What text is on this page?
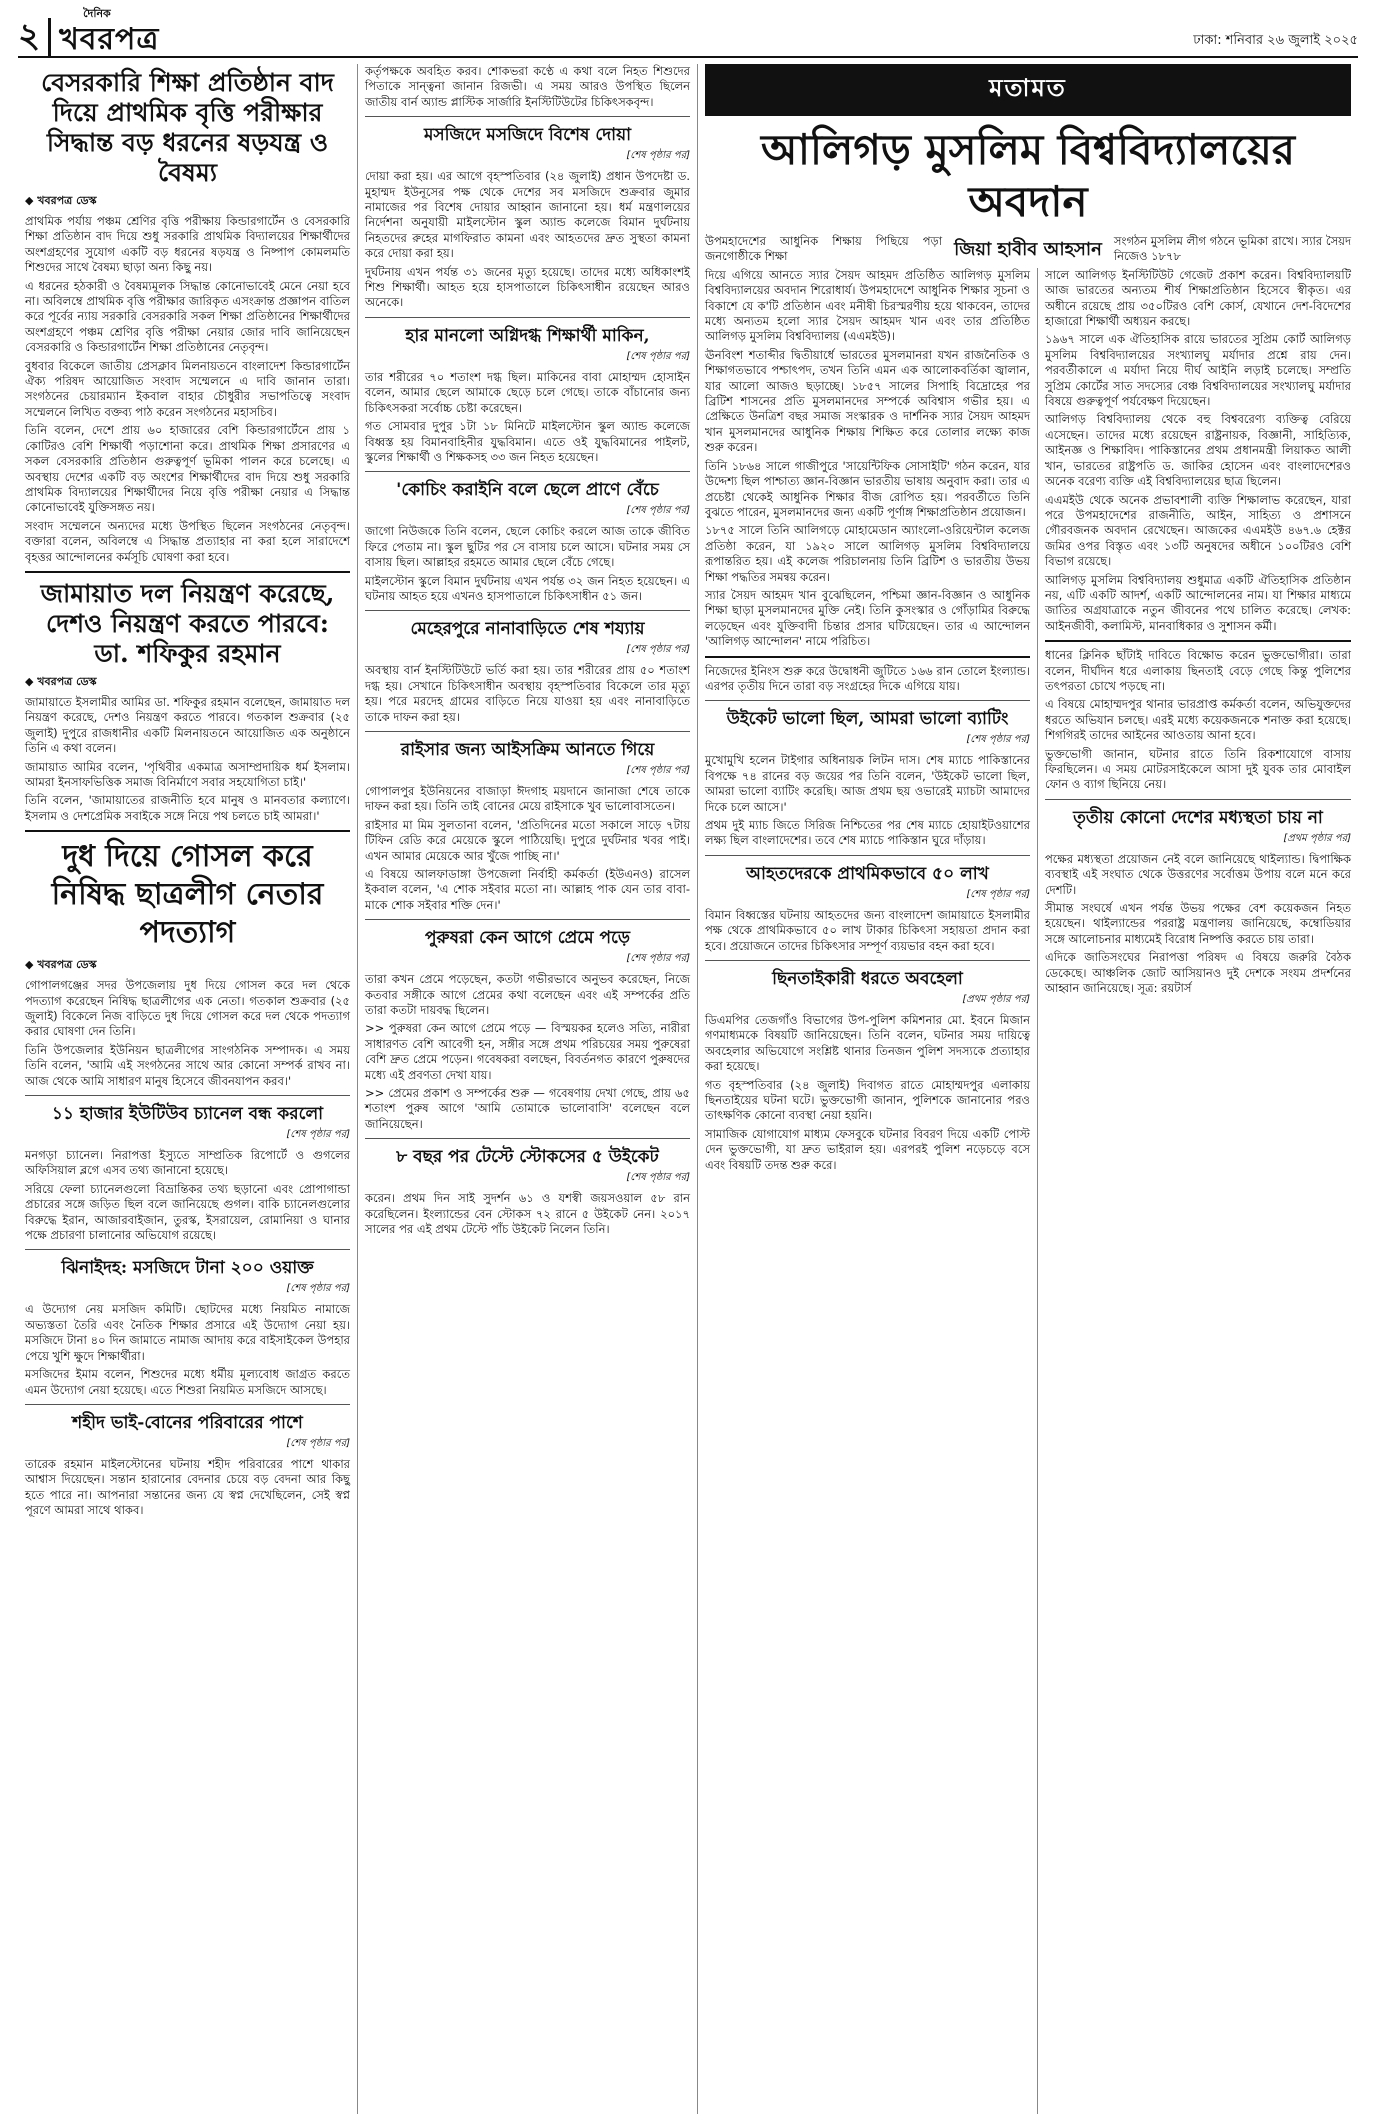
২
দৈনিক
খবরপত্র	ঢাকা: শনিবার ২৬ জুলাই ২০২৫
বেসরকারি শিক্ষা প্রতিষ্ঠান বাদ দিয়ে প্রাথমিক বৃত্তি পরীক্ষার সিদ্ধান্ত বড় ধরনের ষড়যন্ত্র ও বৈষম্য
◆ খবরপত্র ডেস্ক

প্রাথমিক পর্যায় পঞ্চম শ্রেণির বৃত্তি পরীক্ষায় কিন্ডারগার্টেন ও বেসরকারি শিক্ষা প্রতিষ্ঠান বাদ দিয়ে শুধু সরকারি প্রাথমিক বিদ্যালয়ের শিক্ষার্থীদের অংশগ্রহণের সুযোগ একটি বড় ধরনের ষড়যন্ত্র ও নিষ্পাপ কোমলমতি শিশুদের সাথে বৈষম্য ছাড়া অন্য কিছু নয়।

এ ধরনের হঠকারী ও বৈষম্যমূলক সিদ্ধান্ত কোনোভাবেই মেনে নেয়া হবে না। অবিলম্বে প্রাথমিক বৃত্তি পরীক্ষার জারিকৃত এসংক্রান্ত প্রজ্ঞাপন বাতিল করে পূর্বের ন্যায় সরকারি বেসরকারি সকল শিক্ষা প্রতিষ্ঠানের শিক্ষার্থীদের অংশগ্রহণে পঞ্চম শ্রেণির বৃত্তি পরীক্ষা নেয়ার জোর দাবি জানিয়েছেন বেসরকারি ও কিন্ডারগার্টেন শিক্ষা প্রতিষ্ঠানের নেতৃবৃন্দ।

বুধবার বিকেলে জাতীয় প্রেসক্লাব মিলনায়তনে বাংলাদেশ কিন্ডারগার্টেন ঐক্য পরিষদ আয়োজিত সংবাদ সম্মেলনে এ দাবি জানান তারা। সংগঠনের চেয়ারম্যান ইকবাল বাহার চৌধুরীর সভাপতিত্বে সংবাদ সম্মেলনে লিখিত বক্তব্য পাঠ করেন সংগঠনের মহাসচিব।

তিনি বলেন, দেশে প্রায় ৬০ হাজারের বেশি কিন্ডারগার্টেনে প্রায় ১ কোটিরও বেশি শিক্ষার্থী পড়াশোনা করে। প্রাথমিক শিক্ষা প্রসারণের এ সকল বেসরকারি প্রতিষ্ঠান গুরুত্বপূর্ণ ভূমিকা পালন করে চলেছে। এ অবস্থায় দেশের একটি বড় অংশের শিক্ষার্থীদের বাদ দিয়ে শুধু সরকারি প্রাথমিক বিদ্যালয়ের শিক্ষার্থীদের নিয়ে বৃত্তি পরীক্ষা নেয়ার এ সিদ্ধান্ত কোনোভাবেই যুক্তিসঙ্গত নয়।

সংবাদ সম্মেলনে অন্যদের মধ্যে উপস্থিত ছিলেন সংগঠনের নেতৃবৃন্দ। বক্তারা বলেন, অবিলম্বে এ সিদ্ধান্ত প্রত্যাহার না করা হলে সারাদেশে বৃহত্তর আন্দোলনের কর্মসূচি ঘোষণা করা হবে।

জামায়াত দল নিয়ন্ত্রণ করেছে, দেশও নিয়ন্ত্রণ করতে পারবে: ডা. শফিকুর রহমান
◆ খবরপত্র ডেস্ক

জামায়াতে ইসলামীর আমির ডা. শফিকুর রহমান বলেছেন, জামায়াত দল নিয়ন্ত্রণ করেছে, দেশও নিয়ন্ত্রণ করতে পারবে। গতকাল শুক্রবার (২৫ জুলাই) দুপুরে রাজধানীর একটি মিলনায়তনে আয়োজিত এক অনুষ্ঠানে তিনি এ কথা বলেন।

জামায়াত আমির বলেন, 'পৃথিবীর একমাত্র অসাম্প্রদায়িক ধর্ম ইসলাম। আমরা ইনসাফভিত্তিক সমাজ বিনির্মাণে সবার সহযোগিতা চাই।'

তিনি বলেন, 'জামায়াতের রাজনীতি হবে মানুষ ও মানবতার কল্যাণে। ইসলাম ও দেশপ্রেমিক সবাইকে সঙ্গে নিয়ে পথ চলতে চাই আমরা।'

দুধ দিয়ে গোসল করে নিষিদ্ধ ছাত্রলীগ নেতার পদত্যাগ
◆ খবরপত্র ডেস্ক

গোপালগঞ্জের সদর উপজেলায় দুধ দিয়ে গোসল করে দল থেকে পদত্যাগ করেছেন নিষিদ্ধ ছাত্রলীগের এক নেতা। গতকাল শুক্রবার (২৫ জুলাই) বিকেলে নিজ বাড়িতে দুধ দিয়ে গোসল করে দল থেকে পদত্যাগ করার ঘোষণা দেন তিনি।

তিনি উপজেলার ইউনিয়ন ছাত্রলীগের সাংগঠনিক সম্পাদক। এ সময় তিনি বলেন, 'আমি এই সংগঠনের সাথে আর কোনো সম্পর্ক রাখব না। আজ থেকে আমি সাধারণ মানুষ হিসেবে জীবনযাপন করব।'

১১ হাজার ইউটিউব চ্যানেল বন্ধ করলো
[শেষ পৃষ্ঠার পর]

মনগড়া চ্যানেল। নিরাপত্তা ইস্যুতে সাম্প্রতিক রিপোর্টে ও গুগলের অফিসিয়াল ব্লগে এসব তথ্য জানানো হয়েছে।

সরিয়ে ফেলা চ্যানেলগুলো বিভ্রান্তিকর তথ্য ছড়ানো এবং প্রোপাগান্ডা প্রচারের সঙ্গে জড়িত ছিল বলে জানিয়েছে গুগল। বাকি চ্যানেলগুলোর বিরুদ্ধে ইরান, আজারবাইজান, তুরস্ক, ইসরায়েল, রোমানিয়া ও ঘানার পক্ষে প্রচারণা চালানোর অভিযোগ রয়েছে।

ঝিনাইদহ: মসজিদে টানা ২০০ ওয়াক্ত
[শেষ পৃষ্ঠার পর]

এ উদ্যোগ নেয় মসজিদ কমিটি। ছোটদের মধ্যে নিয়মিত নামাজে অভ্যস্ততা তৈরি এবং নৈতিক শিক্ষার প্রসারে এই উদ্যোগ নেয়া হয়। মসজিদে টানা ৪০ দিন জামাতে নামাজ আদায় করে বাইসাইকেল উপহার পেয়ে খুশি ক্ষুদে শিক্ষার্থীরা।

মসজিদের ইমাম বলেন, শিশুদের মধ্যে ধর্মীয় মূল্যবোধ জাগ্রত করতে এমন উদ্যোগ নেয়া হয়েছে। এতে শিশুরা নিয়মিত মসজিদে আসছে।

শহীদ ভাই-বোনের পরিবারের পাশে
[শেষ পৃষ্ঠার পর]

তারেক রহমান মাইলস্টোনের ঘটনায় শহীদ পরিবারের পাশে থাকার আশ্বাস দিয়েছেন। সন্তান হারানোর বেদনার চেয়ে বড় বেদনা আর কিছু হতে পারে না। আপনারা সন্তানের জন্য যে স্বপ্ন দেখেছিলেন, সেই স্বপ্ন পূরণে আমরা সাথে থাকব।

কর্তৃপক্ষকে অবহিত করব। শোকভরা কণ্ঠে এ কথা বলে নিহত শিশুদের পিতাকে সান্ত্বনা জানান রিজভী। এ সময় আরও উপস্থিত ছিলেন জাতীয় বার্ন অ্যান্ড প্লাস্টিক সার্জারি ইনস্টিটিউটের চিকিৎসকবৃন্দ।

মসজিদে মসজিদে বিশেষ দোয়া
[শেষ পৃষ্ঠার পর]

দোয়া করা হয়। এর আগে বৃহস্পতিবার (২৪ জুলাই) প্রধান উপদেষ্টা ড. মুহাম্মদ ইউনূসের পক্ষ থেকে দেশের সব মসজিদে শুক্রবার জুমার নামাজের পর বিশেষ দোয়ার আহ্বান জানানো হয়। ধর্ম মন্ত্রণালয়ের নির্দেশনা অনুযায়ী মাইলস্টোন স্কুল অ্যান্ড কলেজে বিমান দুর্ঘটনায় নিহতদের রুহের মাগফিরাত কামনা এবং আহতদের দ্রুত সুস্থতা কামনা করে দোয়া করা হয়।

দুর্ঘটনায় এখন পর্যন্ত ৩১ জনের মৃত্যু হয়েছে। তাদের মধ্যে অধিকাংশই শিশু শিক্ষার্থী। আহত হয়ে হাসপাতালে চিকিৎসাধীন রয়েছেন আরও অনেকে।

হার মানলো অগ্নিদগ্ধ শিক্ষার্থী মাকিন,
[শেষ পৃষ্ঠার পর]

তার শরীরের ৭০ শতাংশ দগ্ধ ছিল। মাকিনের বাবা মোহাম্মদ হোসাইন বলেন, আমার ছেলে আমাকে ছেড়ে চলে গেছে। তাকে বাঁচানোর জন্য চিকিৎসকরা সর্বোচ্চ চেষ্টা করেছেন।

গত সোমবার দুপুর ১টা ১৮ মিনিটে মাইলস্টোন স্কুল অ্যান্ড কলেজে বিধ্বস্ত হয় বিমানবাহিনীর যুদ্ধবিমান। এতে ওই যুদ্ধবিমানের পাইলট, স্কুলের শিক্ষার্থী ও শিক্ষকসহ ৩৩ জন নিহত হয়েছেন।

'কোচিং করাইনি বলে ছেলে প্রাণে বেঁচে
[শেষ পৃষ্ঠার পর]

জাগো নিউজকে তিনি বলেন, ছেলে কোচিং করলে আজ তাকে জীবিত ফিরে পেতাম না। স্কুল ছুটির পর সে বাসায় চলে আসে। ঘটনার সময় সে বাসায় ছিল। আল্লাহর রহমতে আমার ছেলে বেঁচে গেছে।

মাইলস্টোন স্কুলে বিমান দুর্ঘটনায় এখন পর্যন্ত ৩২ জন নিহত হয়েছেন। এ ঘটনায় আহত হয়ে এখনও হাসপাতালে চিকিৎসাধীন ৫১ জন।

মেহেরপুরে নানাবাড়িতে শেষ শয্যায়
[শেষ পৃষ্ঠার পর]

অবস্থায় বার্ন ইনস্টিটিউটে ভর্তি করা হয়। তার শরীরের প্রায় ৫০ শতাংশ দগ্ধ হয়। সেখানে চিকিৎসাধীন অবস্থায় বৃহস্পতিবার বিকেলে তার মৃত্যু হয়। পরে মরদেহ গ্রামের বাড়িতে নিয়ে যাওয়া হয় এবং নানাবাড়িতে তাকে দাফন করা হয়।

রাইসার জন্য আইসক্রিম আনতে গিয়ে
[শেষ পৃষ্ঠার পর]

গোপালপুর ইউনিয়নের বাজাড়া ঈদগাহ ময়দানে জানাজা শেষে তাকে দাফন করা হয়। তিনি তাই বোনের মেয়ে রাইসাকে খুব ভালোবাসতেন।

রাইসার মা মিম সুলতানা বলেন, 'প্রতিদিনের মতো সকালে সাড়ে ৭টায় টিফিন রেডি করে মেয়েকে স্কুলে পাঠিয়েছি। দুপুরে দুর্ঘটনার খবর পাই। এখন আমার মেয়েকে আর খুঁজে পাচ্ছি না।'

এ বিষয়ে আলফাডাঙ্গা উপজেলা নির্বাহী কর্মকর্তা (ইউএনও) রাসেল ইকবাল বলেন, 'এ শোক সইবার মতো না। আল্লাহ পাক যেন তার বাবা-মাকে শোক সইবার শক্তি দেন।'

পুরুষরা কেন আগে প্রেমে পড়ে
[শেষ পৃষ্ঠার পর]

তারা কখন প্রেমে পড়েছেন, কতটা গভীরভাবে অনুভব করেছেন, নিজে কতবার সঙ্গীকে আগে প্রেমের কথা বলেছেন এবং এই সম্পর্কের প্রতি তারা কতটা দায়বদ্ধ ছিলেন।

>> পুরুষরা কেন আগে প্রেমে পড়ে — বিস্ময়কর হলেও সত্যি, নারীরা সাধারণত বেশি আবেগী হন, সঙ্গীর সঙ্গে প্রথম পরিচয়ের সময় পুরুষেরা বেশি দ্রুত প্রেমে পড়েন। গবেষকরা বলছেন, বিবর্তনগত কারণে পুরুষদের মধ্যে এই প্রবণতা দেখা যায়।

>> প্রেমের প্রকাশ ও সম্পর্কের শুরু — গবেষণায় দেখা গেছে, প্রায় ৬৫ শতাংশ পুরুষ আগে 'আমি তোমাকে ভালোবাসি' বলেছেন বলে জানিয়েছেন।

৮ বছর পর টেস্টে স্টোকসের ৫ উইকেট
[শেষ পৃষ্ঠার পর]

করেন। প্রথম দিন সাই সুদর্শন ৬১ ও যশস্বী জয়সওয়াল ৫৮ রান করেছিলেন। ইংল্যান্ডের বেন স্টোকস ৭২ রানে ৫ উইকেট নেন। ২০১৭ সালের পর এই প্রথম টেস্টে পাঁচ উইকেট নিলেন তিনি।

মতামত
আলিগড় মুসলিম বিশ্ববিদ্যালয়ের অবদান

উপমহাদেশের আধুনিক শিক্ষায় পিছিয়ে পড়া জনগোষ্ঠীকে শিক্ষা	জিয়া হাবীব আহসান	সংগঠন মুসলিম লীগ গঠনে ভূমিকা রাখে। স্যার সৈয়দ নিজেও ১৮৭৮

দিয়ে এগিয়ে আনতে স্যার সৈয়দ আহমদ প্রতিষ্ঠিত আলিগড় মুসলিম বিশ্ববিদ্যালয়ের অবদান শিরোধার্য। উপমহাদেশে আধুনিক শিক্ষার সূচনা ও বিকাশে যে ক'টি প্রতিষ্ঠান এবং মনীষী চিরস্মরণীয় হয়ে থাকবেন, তাদের মধ্যে অন্যতম হলো স্যার সৈয়দ আহমদ খান এবং তার প্রতিষ্ঠিত আলিগড় মুসলিম বিশ্ববিদ্যালয় (এএমইউ)।

ঊনবিংশ শতাব্দীর দ্বিতীয়ার্ধে ভারতের মুসলমানরা যখন রাজনৈতিক ও শিক্ষাগতভাবে পশ্চাৎপদ, তখন তিনি এমন এক আলোকবর্তিকা জ্বালান, যার আলো আজও ছড়াচ্ছে। ১৮৫৭ সালের সিপাহি বিদ্রোহের পর ব্রিটিশ শাসনের প্রতি মুসলমানদের সম্পর্কে অবিশ্বাস গভীর হয়। এ প্রেক্ষিতে উনত্রিশ বছর সমাজ সংস্কারক ও দার্শনিক স্যার সৈয়দ আহমদ খান মুসলমানদের আধুনিক শিক্ষায় শিক্ষিত করে তোলার লক্ষ্যে কাজ শুরু করেন।

তিনি ১৮৬৪ সালে গাজীপুরে 'সায়েন্টিফিক সোসাইটি' গঠন করেন, যার উদ্দেশ্য ছিল পাশ্চাত্য জ্ঞান-বিজ্ঞান ভারতীয় ভাষায় অনুবাদ করা। তার এ প্রচেষ্টা থেকেই আধুনিক শিক্ষার বীজ রোপিত হয়। পরবর্তীতে তিনি বুঝতে পারেন, মুসলমানদের জন্য একটি পূর্ণাঙ্গ শিক্ষাপ্রতিষ্ঠান প্রয়োজন।

১৮৭৫ সালে তিনি আলিগড়ে মোহামেডান অ্যাংলো-ওরিয়েন্টাল কলেজ প্রতিষ্ঠা করেন, যা ১৯২০ সালে আলিগড় মুসলিম বিশ্ববিদ্যালয়ে রূপান্তরিত হয়। এই কলেজ পরিচালনায় তিনি ব্রিটিশ ও ভারতীয় উভয় শিক্ষা পদ্ধতির সমন্বয় করেন।

স্যার সৈয়দ আহমদ খান বুঝেছিলেন, পশ্চিমা জ্ঞান-বিজ্ঞান ও আধুনিক শিক্ষা ছাড়া মুসলমানদের মুক্তি নেই। তিনি কুসংস্কার ও গোঁড়ামির বিরুদ্ধে লড়েছেন এবং যুক্তিবাদী চিন্তার প্রসার ঘটিয়েছেন। তার এ আন্দোলন 'আলিগড় আন্দোলন' নামে পরিচিত।

নিজেদের ইনিংস শুরু করে উদ্বোধনী জুটিতে ১৬৬ রান তোলে ইংল্যান্ড। এরপর তৃতীয় দিনে তারা বড় সংগ্রহের দিকে এগিয়ে যায়।

উইকেট ভালো ছিল, আমরা ভালো ব্যাটিং
[শেষ পৃষ্ঠার পর]

মুখোমুখি হলেন টাইগার অধিনায়ক লিটন দাস। শেষ ম্যাচে পাকিস্তানের বিপক্ষে ৭৪ রানের বড় জয়ের পর তিনি বলেন, 'উইকেট ভালো ছিল, আমরা ভালো ব্যাটিং করেছি। আজ প্রথম ছয় ওভারেই ম্যাচটা আমাদের দিকে চলে আসে।'

প্রথম দুই ম্যাচ জিতে সিরিজ নিশ্চিতের পর শেষ ম্যাচে হোয়াইটওয়াশের লক্ষ্য ছিল বাংলাদেশের। তবে শেষ ম্যাচে পাকিস্তান ঘুরে দাঁড়ায়।

আহতদেরকে প্রাথমিকভাবে ৫০ লাখ
[শেষ পৃষ্ঠার পর]

বিমান বিধ্বস্তের ঘটনায় আহতদের জন্য বাংলাদেশ জামায়াতে ইসলামীর পক্ষ থেকে প্রাথমিকভাবে ৫০ লাখ টাকার চিকিৎসা সহায়তা প্রদান করা হবে। প্রয়োজনে তাদের চিকিৎসার সম্পূর্ণ ব্যয়ভার বহন করা হবে।

ছিনতাইকারী ধরতে অবহেলা
[প্রথম পৃষ্ঠার পর]

ডিএমপির তেজগাঁও বিভাগের উপ-পুলিশ কমিশনার মো. ইবনে মিজান গণমাধ্যমকে বিষয়টি জানিয়েছেন। তিনি বলেন, ঘটনার সময় দায়িত্বে অবহেলার অভিযোগে সংশ্লিষ্ট থানার তিনজন পুলিশ সদস্যকে প্রত্যাহার করা হয়েছে।

গত বৃহস্পতিবার (২৪ জুলাই) দিবাগত রাতে মোহাম্মদপুর এলাকায় ছিনতাইয়ের ঘটনা ঘটে। ভুক্তভোগী জানান, পুলিশকে জানানোর পরও তাৎক্ষণিক কোনো ব্যবস্থা নেয়া হয়নি।

সামাজিক যোগাযোগ মাধ্যম ফেসবুকে ঘটনার বিবরণ দিয়ে একটি পোস্ট দেন ভুক্তভোগী, যা দ্রুত ভাইরাল হয়। এরপরই পুলিশ নড়েচড়ে বসে এবং বিষয়টি তদন্ত শুরু করে।

সালে আলিগড় ইনস্টিটিউট গেজেট প্রকাশ করেন। বিশ্ববিদ্যালয়টি আজ ভারতের অন্যতম শীর্ষ শিক্ষাপ্রতিষ্ঠান হিসেবে স্বীকৃত। এর অধীনে রয়েছে প্রায় ৩৫০টিরও বেশি কোর্স, যেখানে দেশ-বিদেশের হাজারো শিক্ষার্থী অধ্যয়ন করছে।

১৯৬৭ সালে এক ঐতিহাসিক রায়ে ভারতের সুপ্রিম কোর্ট আলিগড় মুসলিম বিশ্ববিদ্যালয়ের সংখ্যালঘু মর্যাদার প্রশ্নে রায় দেন। পরবর্তীকালে এ মর্যাদা নিয়ে দীর্ঘ আইনি লড়াই চলেছে। সম্প্রতি সুপ্রিম কোর্টের সাত সদস্যের বেঞ্চ বিশ্ববিদ্যালয়ের সংখ্যালঘু মর্যাদার বিষয়ে গুরুত্বপূর্ণ পর্যবেক্ষণ দিয়েছেন।

আলিগড় বিশ্ববিদ্যালয় থেকে বহু বিশ্ববরেণ্য ব্যক্তিত্ব বেরিয়ে এসেছেন। তাদের মধ্যে রয়েছেন রাষ্ট্রনায়ক, বিজ্ঞানী, সাহিত্যিক, আইনজ্ঞ ও শিক্ষাবিদ। পাকিস্তানের প্রথম প্রধানমন্ত্রী লিয়াকত আলী খান, ভারতের রাষ্ট্রপতি ড. জাকির হোসেন এবং বাংলাদেশেরও অনেক বরেণ্য ব্যক্তি এই বিশ্ববিদ্যালয়ের ছাত্র ছিলেন।

এএমইউ থেকে অনেক প্রভাবশালী ব্যক্তি শিক্ষালাভ করেছেন, যারা পরে উপমহাদেশের রাজনীতি, আইন, সাহিত্য ও প্রশাসনে গৌরবজনক অবদান রেখেছেন। আজকের এএমইউ ৪৬৭.৬ হেক্টর জমির ওপর বিস্তৃত এবং ১৩টি অনুষদের অধীনে ১০০টিরও বেশি বিভাগ রয়েছে।

আলিগড় মুসলিম বিশ্ববিদ্যালয় শুধুমাত্র একটি ঐতিহাসিক প্রতিষ্ঠান নয়, এটি একটি আদর্শ, একটি আন্দোলনের নাম। যা শিক্ষার মাধ্যমে জাতির অগ্রযাত্রাকে নতুন জীবনের পথে চালিত করেছে। লেখক: আইনজীবী, কলামিস্ট, মানবাধিকার ও সুশাসন কর্মী।

ধানের ক্লিনিক ছাঁটাই দাবিতে বিক্ষোভ করেন ভুক্তভোগীরা। তারা বলেন, দীর্ঘদিন ধরে এলাকায় ছিনতাই বেড়ে গেছে কিন্তু পুলিশের তৎপরতা চোখে পড়ছে না।

এ বিষয়ে মোহাম্মদপুর থানার ভারপ্রাপ্ত কর্মকর্তা বলেন, অভিযুক্তদের ধরতে অভিযান চলছে। এরই মধ্যে কয়েকজনকে শনাক্ত করা হয়েছে। শিগগিরই তাদের আইনের আওতায় আনা হবে।

ভুক্তভোগী জানান, ঘটনার রাতে তিনি রিকশাযোগে বাসায় ফিরছিলেন। এ সময় মোটরসাইকেলে আসা দুই যুবক তার মোবাইল ফোন ও ব্যাগ ছিনিয়ে নেয়।

তৃতীয় কোনো দেশের মধ্যস্থতা চায় না
[প্রথম পৃষ্ঠার পর]

পক্ষের মধ্যস্থতা প্রয়োজন নেই বলে জানিয়েছে থাইল্যান্ড। দ্বিপাক্ষিক ব্যবস্থাই এই সংঘাত থেকে উত্তরণের সর্বোত্তম উপায় বলে মনে করে দেশটি।

সীমান্ত সংঘর্ষে এখন পর্যন্ত উভয় পক্ষের বেশ কয়েকজন নিহত হয়েছেন। থাইল্যান্ডের পররাষ্ট্র মন্ত্রণালয় জানিয়েছে, কম্বোডিয়ার সঙ্গে আলোচনার মাধ্যমেই বিরোধ নিষ্পত্তি করতে চায় তারা।

এদিকে জাতিসংঘের নিরাপত্তা পরিষদ এ বিষয়ে জরুরি বৈঠক ডেকেছে। আঞ্চলিক জোট আসিয়ানও দুই দেশকে সংযম প্রদর্শনের আহ্বান জানিয়েছে। সূত্র: রয়টার্স
